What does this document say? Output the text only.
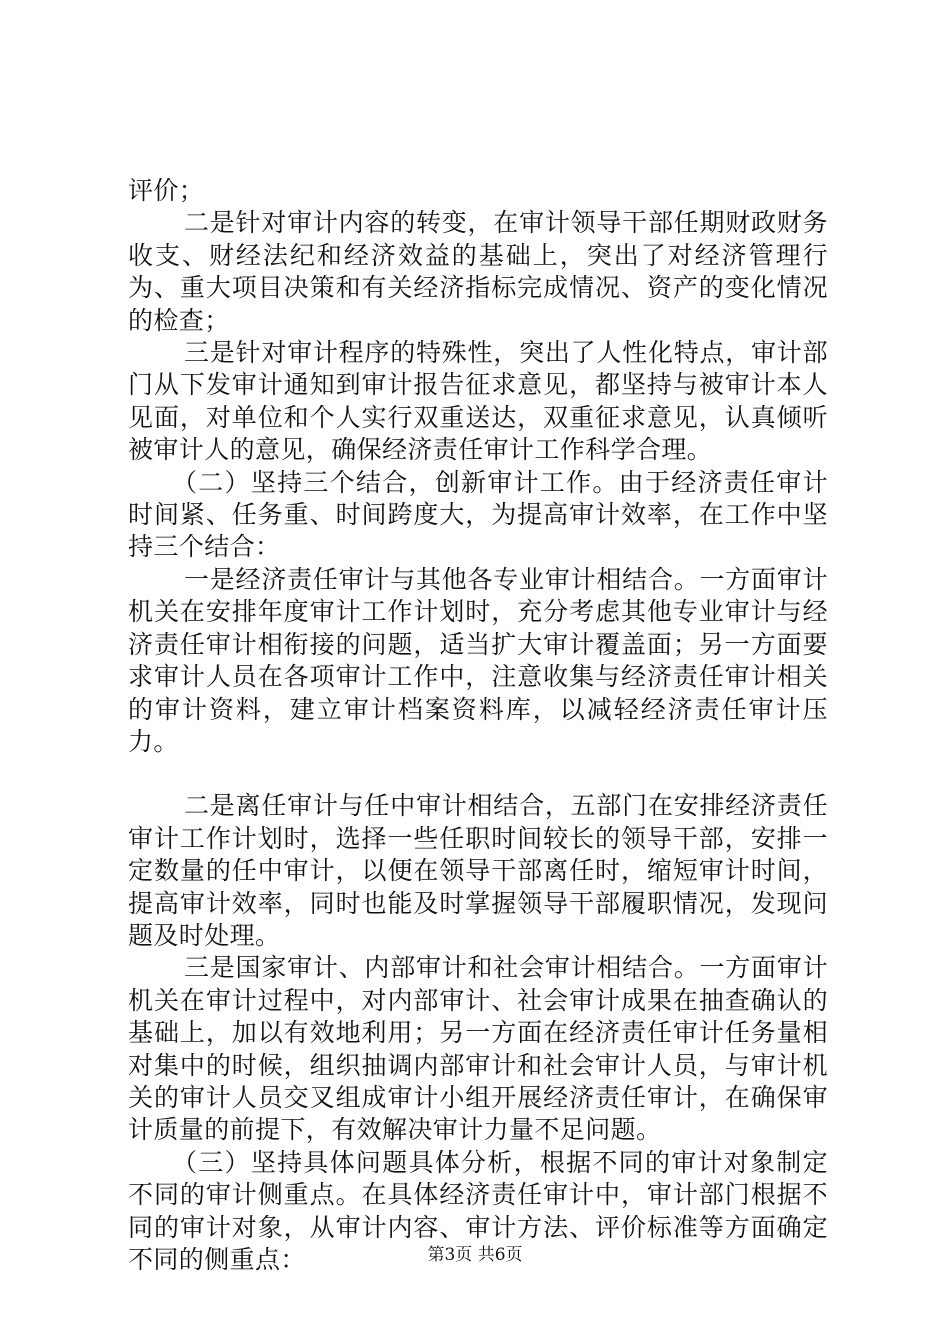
评价；

二是针对审计内容的转变，在审计领导干部任期财政财务收支、财经法纪和经济效益的基础上，突出了对经济管理行为、重大项目决策和有关经济指标完成情况、资产的变化情况的检查；

三是针对审计程序的特殊性，突出了人性化特点，审计部门从下发审计通知到审计报告征求意见，都坚持与被审计本人见面，对单位和个人实行双重送达，双重征求意见，认真倾听被审计人的意见，确保经济责任审计工作科学合理。

（二）坚持三个结合，创新审计工作。由于经济责任审计时间紧、任务重、时间跨度大，为提高审计效率，在工作中坚持三个结合：

一是经济责任审计与其他各专业审计相结合。一方面审计机关在安排年度审计工作计划时，充分考虑其他专业审计与经济责任审计相衔接的问题，适当扩大审计覆盖面；另一方面要求审计人员在各项审计工作中，注意收集与经济责任审计相关的审计资料，建立审计档案资料库，以减轻经济责任审计压力。

二是离任审计与任中审计相结合，五部门在安排经济责任审计工作计划时，选择一些任职时间较长的领导干部，安排一定数量的任中审计，以便在领导干部离任时，缩短审计时间，提高审计效率，同时也能及时掌握领导干部履职情况，发现问题及时处理。

三是国家审计、内部审计和社会审计相结合。一方面审计机关在审计过程中，对内部审计、社会审计成果在抽查确认的基础上，加以有效地利用；另一方面在经济责任审计任务量相对集中的时候，组织抽调内部审计和社会审计人员，与审计机关的审计人员交叉组成审计小组开展经济责任审计，在确保审计质量的前提下，有效解决审计力量不足问题。

（三）坚持具体问题具体分析，根据不同的审计对象制定不同的审计侧重点。在具体经济责任审计中，审计部门根据不同的审计对象，从审计内容、审计方法、评价标准等方面确定不同的侧重点：	第3页 共6页
